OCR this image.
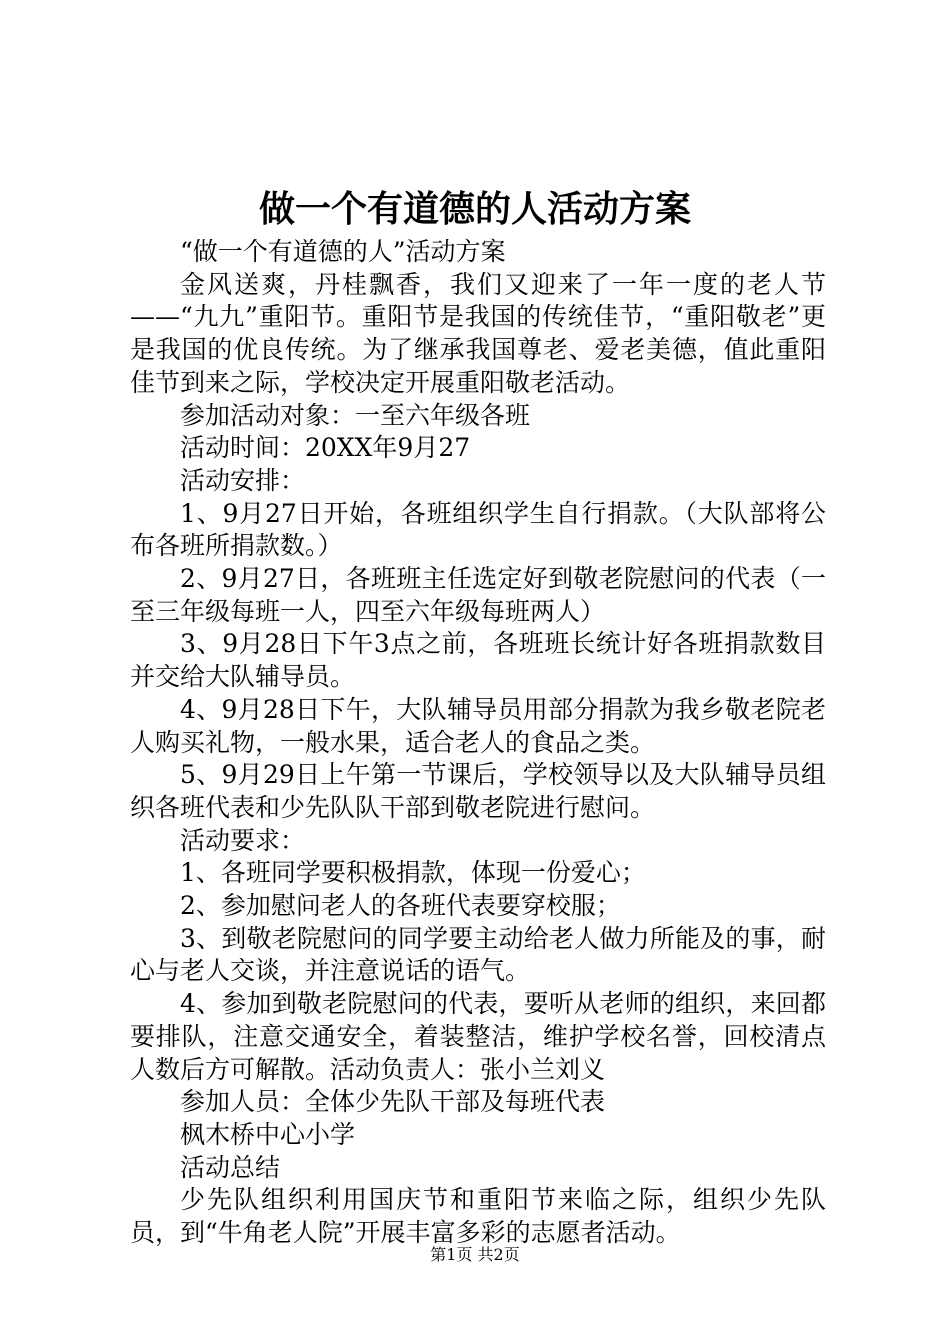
做一个有道德的人活动方案

“做一个有道德的人”活动方案

金风送爽，丹桂飘香，我们又迎来了一年一度的老人节——“九九”重阳节。重阳节是我国的传统佳节，“重阳敬老”更是我国的优良传统。为了继承我国尊老、爱老美德，值此重阳佳节到来之际，学校决定开展重阳敬老活动。

参加活动对象：一至六年级各班

活动时间：20XX年9月27

活动安排：

1、9月27日开始，各班组织学生自行捐款。（大队部将公布各班所捐款数。）

2、9月27日，各班班主任选定好到敬老院慰问的代表（一至三年级每班一人，四至六年级每班两人）

3、9月28日下午3点之前，各班班长统计好各班捐款数目并交给大队辅导员。

4、9月28日下午，大队辅导员用部分捐款为我乡敬老院老人购买礼物，一般水果，适合老人的食品之类。

5、9月29日上午第一节课后，学校领导以及大队辅导员组织各班代表和少先队队干部到敬老院进行慰问。

活动要求：

1、各班同学要积极捐款，体现一份爱心；

2、参加慰问老人的各班代表要穿校服；

3、到敬老院慰问的同学要主动给老人做力所能及的事，耐心与老人交谈，并注意说话的语气。

4、参加到敬老院慰问的代表，要听从老师的组织，来回都要排队，注意交通安全，着装整洁，维护学校名誉，回校清点人数后方可解散。活动负责人：张小兰刘义

参加人员：全体少先队干部及每班代表

枫木桥中心小学

活动总结

少先队组织利用国庆节和重阳节来临之际，组织少先队员，到“牛角老人院”开展丰富多彩的志愿者活动。

第1页 共2页
